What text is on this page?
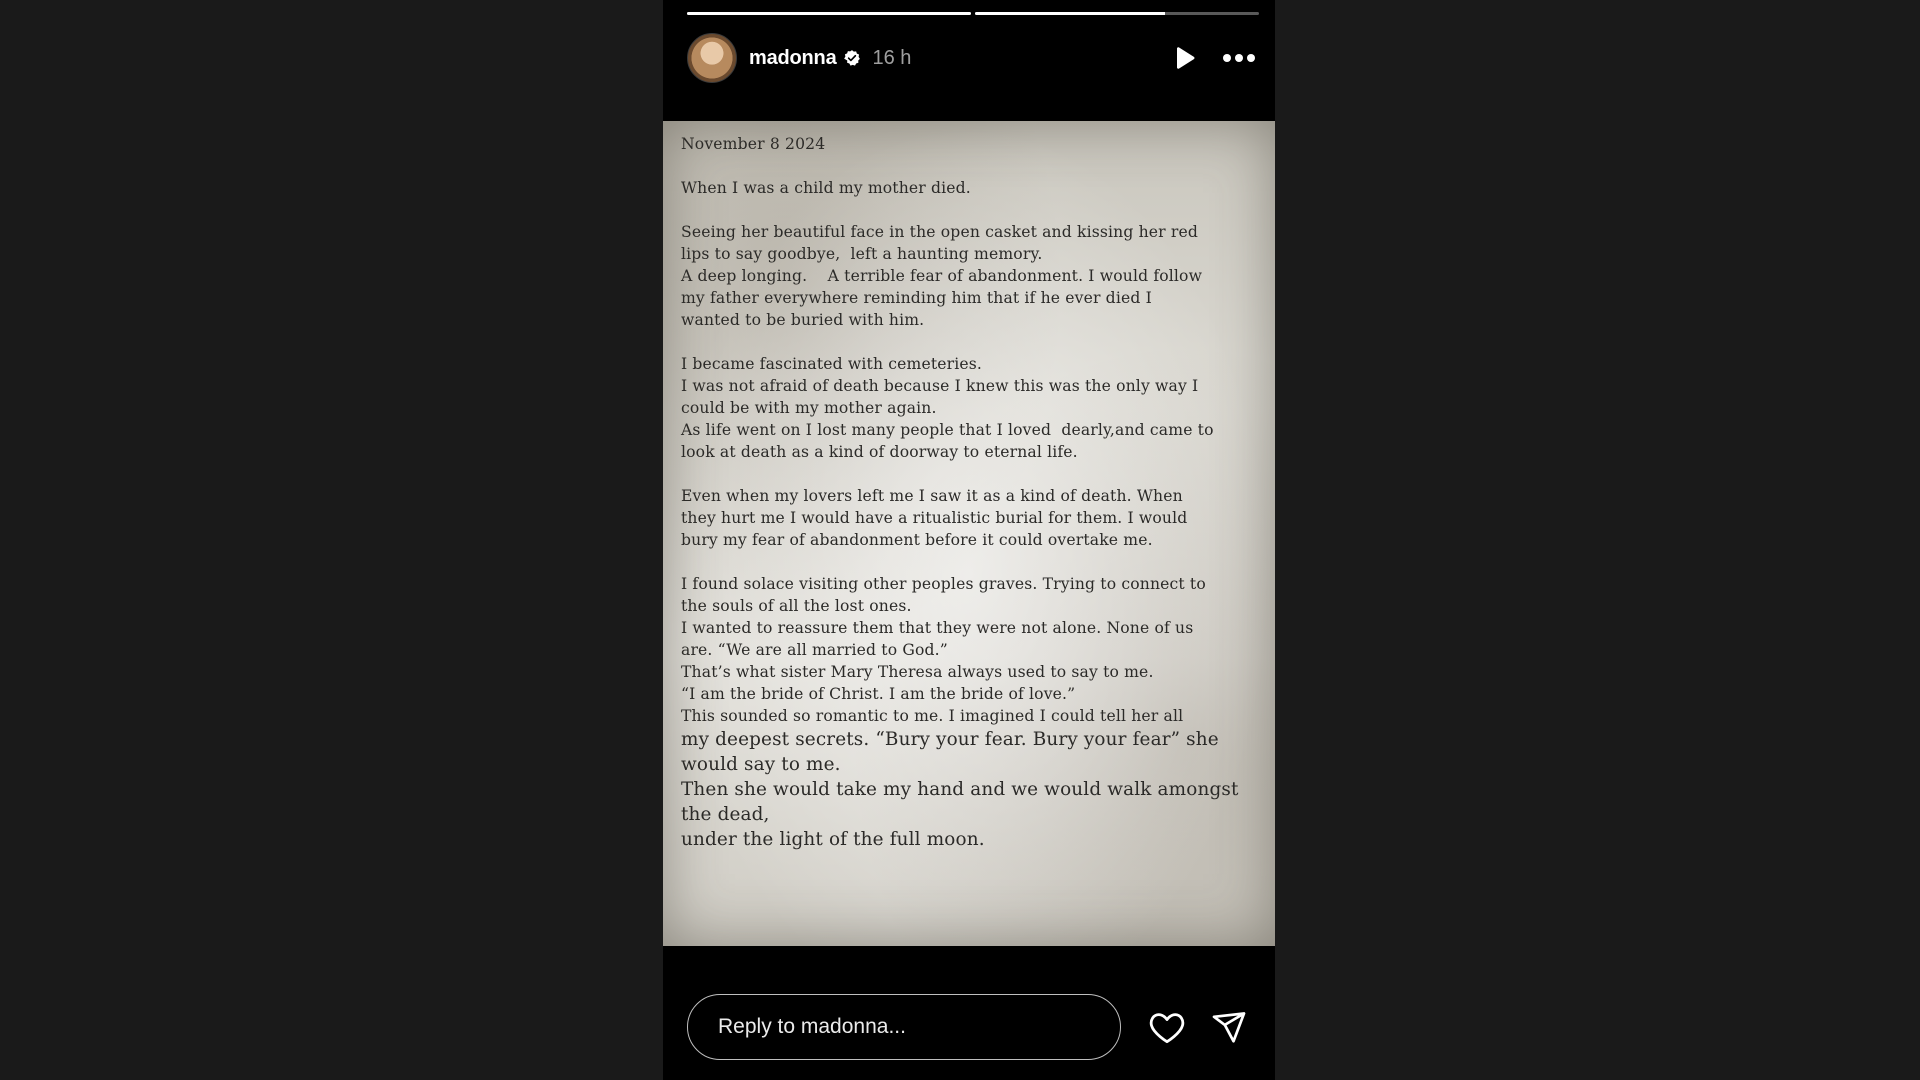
madonna 16 h

November 8 2024

When I was a child my mother died.

Seeing her beautiful face in the open casket and kissing her red
lips to say goodbye,  left a haunting memory.
A deep longing.    A terrible fear of abandonment. I would follow
my father everywhere reminding him that if he ever died I
wanted to be buried with him.

I became fascinated with cemeteries.
I was not afraid of death because I knew this was the only way I
could be with my mother again.
As life went on I lost many people that I loved  dearly,and came to
look at death as a kind of doorway to eternal life.

Even when my lovers left me I saw it as a kind of death. When
they hurt me I would have a ritualistic burial for them. I would
bury my fear of abandonment before it could overtake me.

I found solace visiting other peoples graves. Trying to connect to
the souls of all the lost ones.
I wanted to reassure them that they were not alone. None of us
are. “We are all married to God.”
That’s what sister Mary Theresa always used to say to me.
“I am the bride of Christ. I am the bride of love.”
This sounded so romantic to me. I imagined I could tell her all

my deepest secrets. “Bury your fear. Bury your fear” she
would say to me.
Then she would take my hand and we would walk amongst
the dead,
under the light of the full moon.

Reply to madonna...
